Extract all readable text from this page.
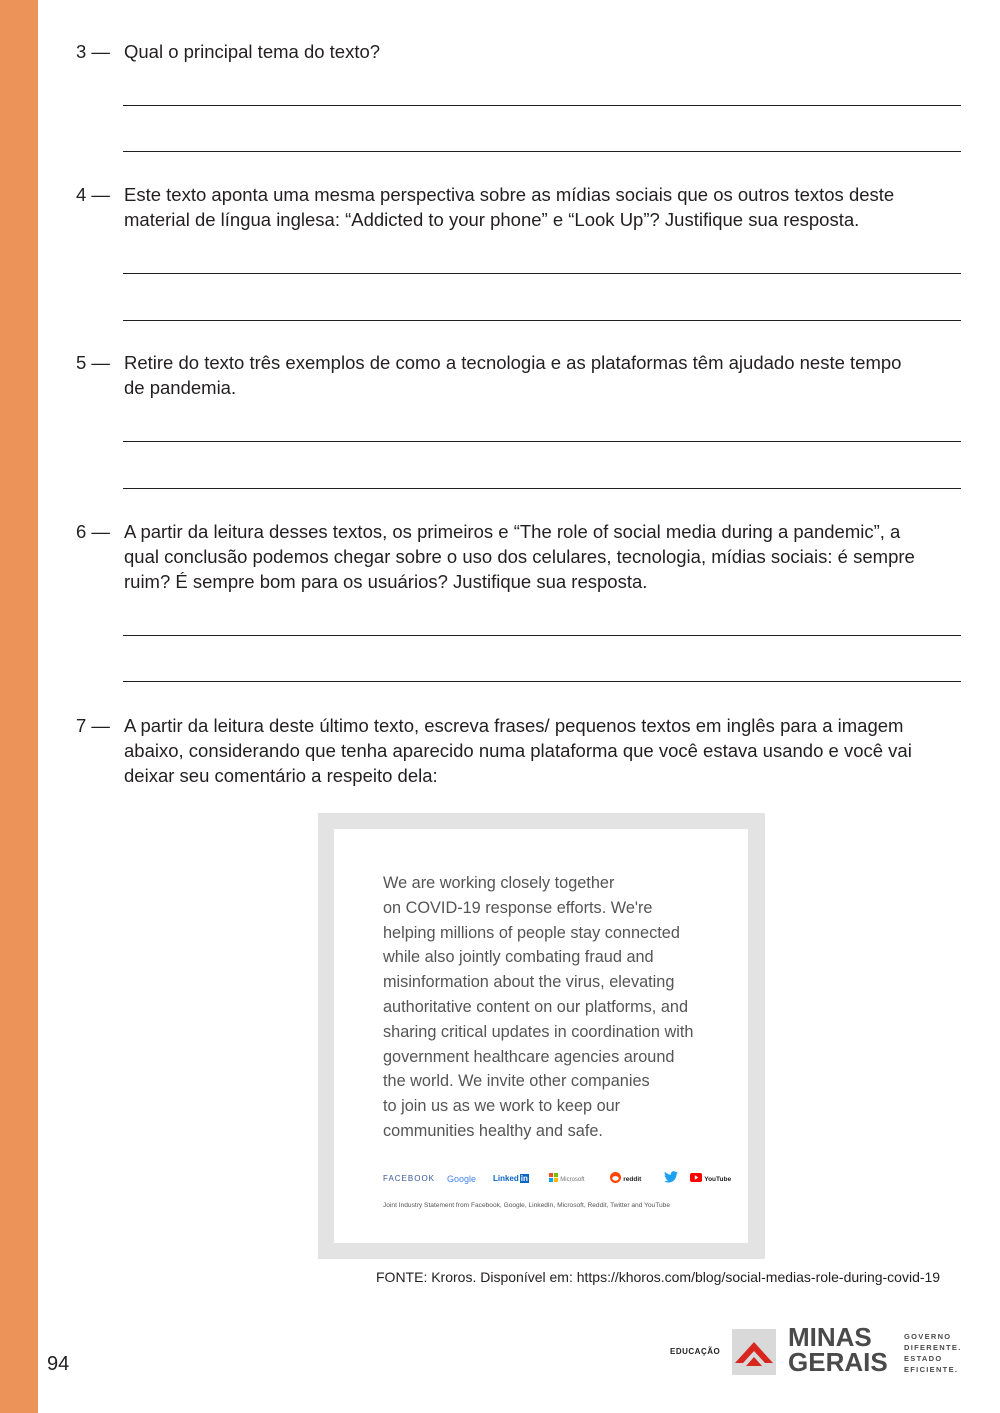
3 — Qual o principal tema do texto?
4 — Este texto aponta uma mesma perspectiva sobre as mídias sociais que os outros textos deste
material de língua inglesa: “Addicted to your phone” e “Look Up”? Justifique sua resposta.
5 — Retire do texto três exemplos de como a tecnologia e as plataformas têm ajudado neste tempo
de pandemia.
6 — A partir da leitura desses textos, os primeiros e “The role of social media during a pandemic”, a
qual conclusão podemos chegar sobre o uso dos celulares, tecnologia, mídias sociais: é sempre
ruim? É sempre bom para os usuários? Justifique sua resposta.
7 — A partir da leitura deste último texto, escreva frases/ pequenos textos em inglês para a imagem
abaixo, considerando que tenha aparecido numa plataforma que você estava usando e você vai
deixar seu comentário a respeito dela:
We are working closely together
on COVID-19 response efforts. We're
helping millions of people stay connected
while also jointly combating fraud and
misinformation about the virus, elevating
authoritative content on our platforms, and
sharing critical updates in coordination with
government healthcare agencies around
the world. We invite other companies
to join us as we work to keep our
communities healthy and safe.
FACEBOOK Google Linked in	Microsoft	reddit	YouTube
Joint Industry Statement from Facebook, Google, LinkedIn, Microsoft, Reddit, Twitter and YouTube
FONTE: Kroros. Disponível em: https://khoros.com/blog/social-medias-role-during-covid-19
94
EDUCAÇÃO	MINAS
GERAIS
GOVERNO
DIFERENTE.
ESTADO
EFICIENTE.
